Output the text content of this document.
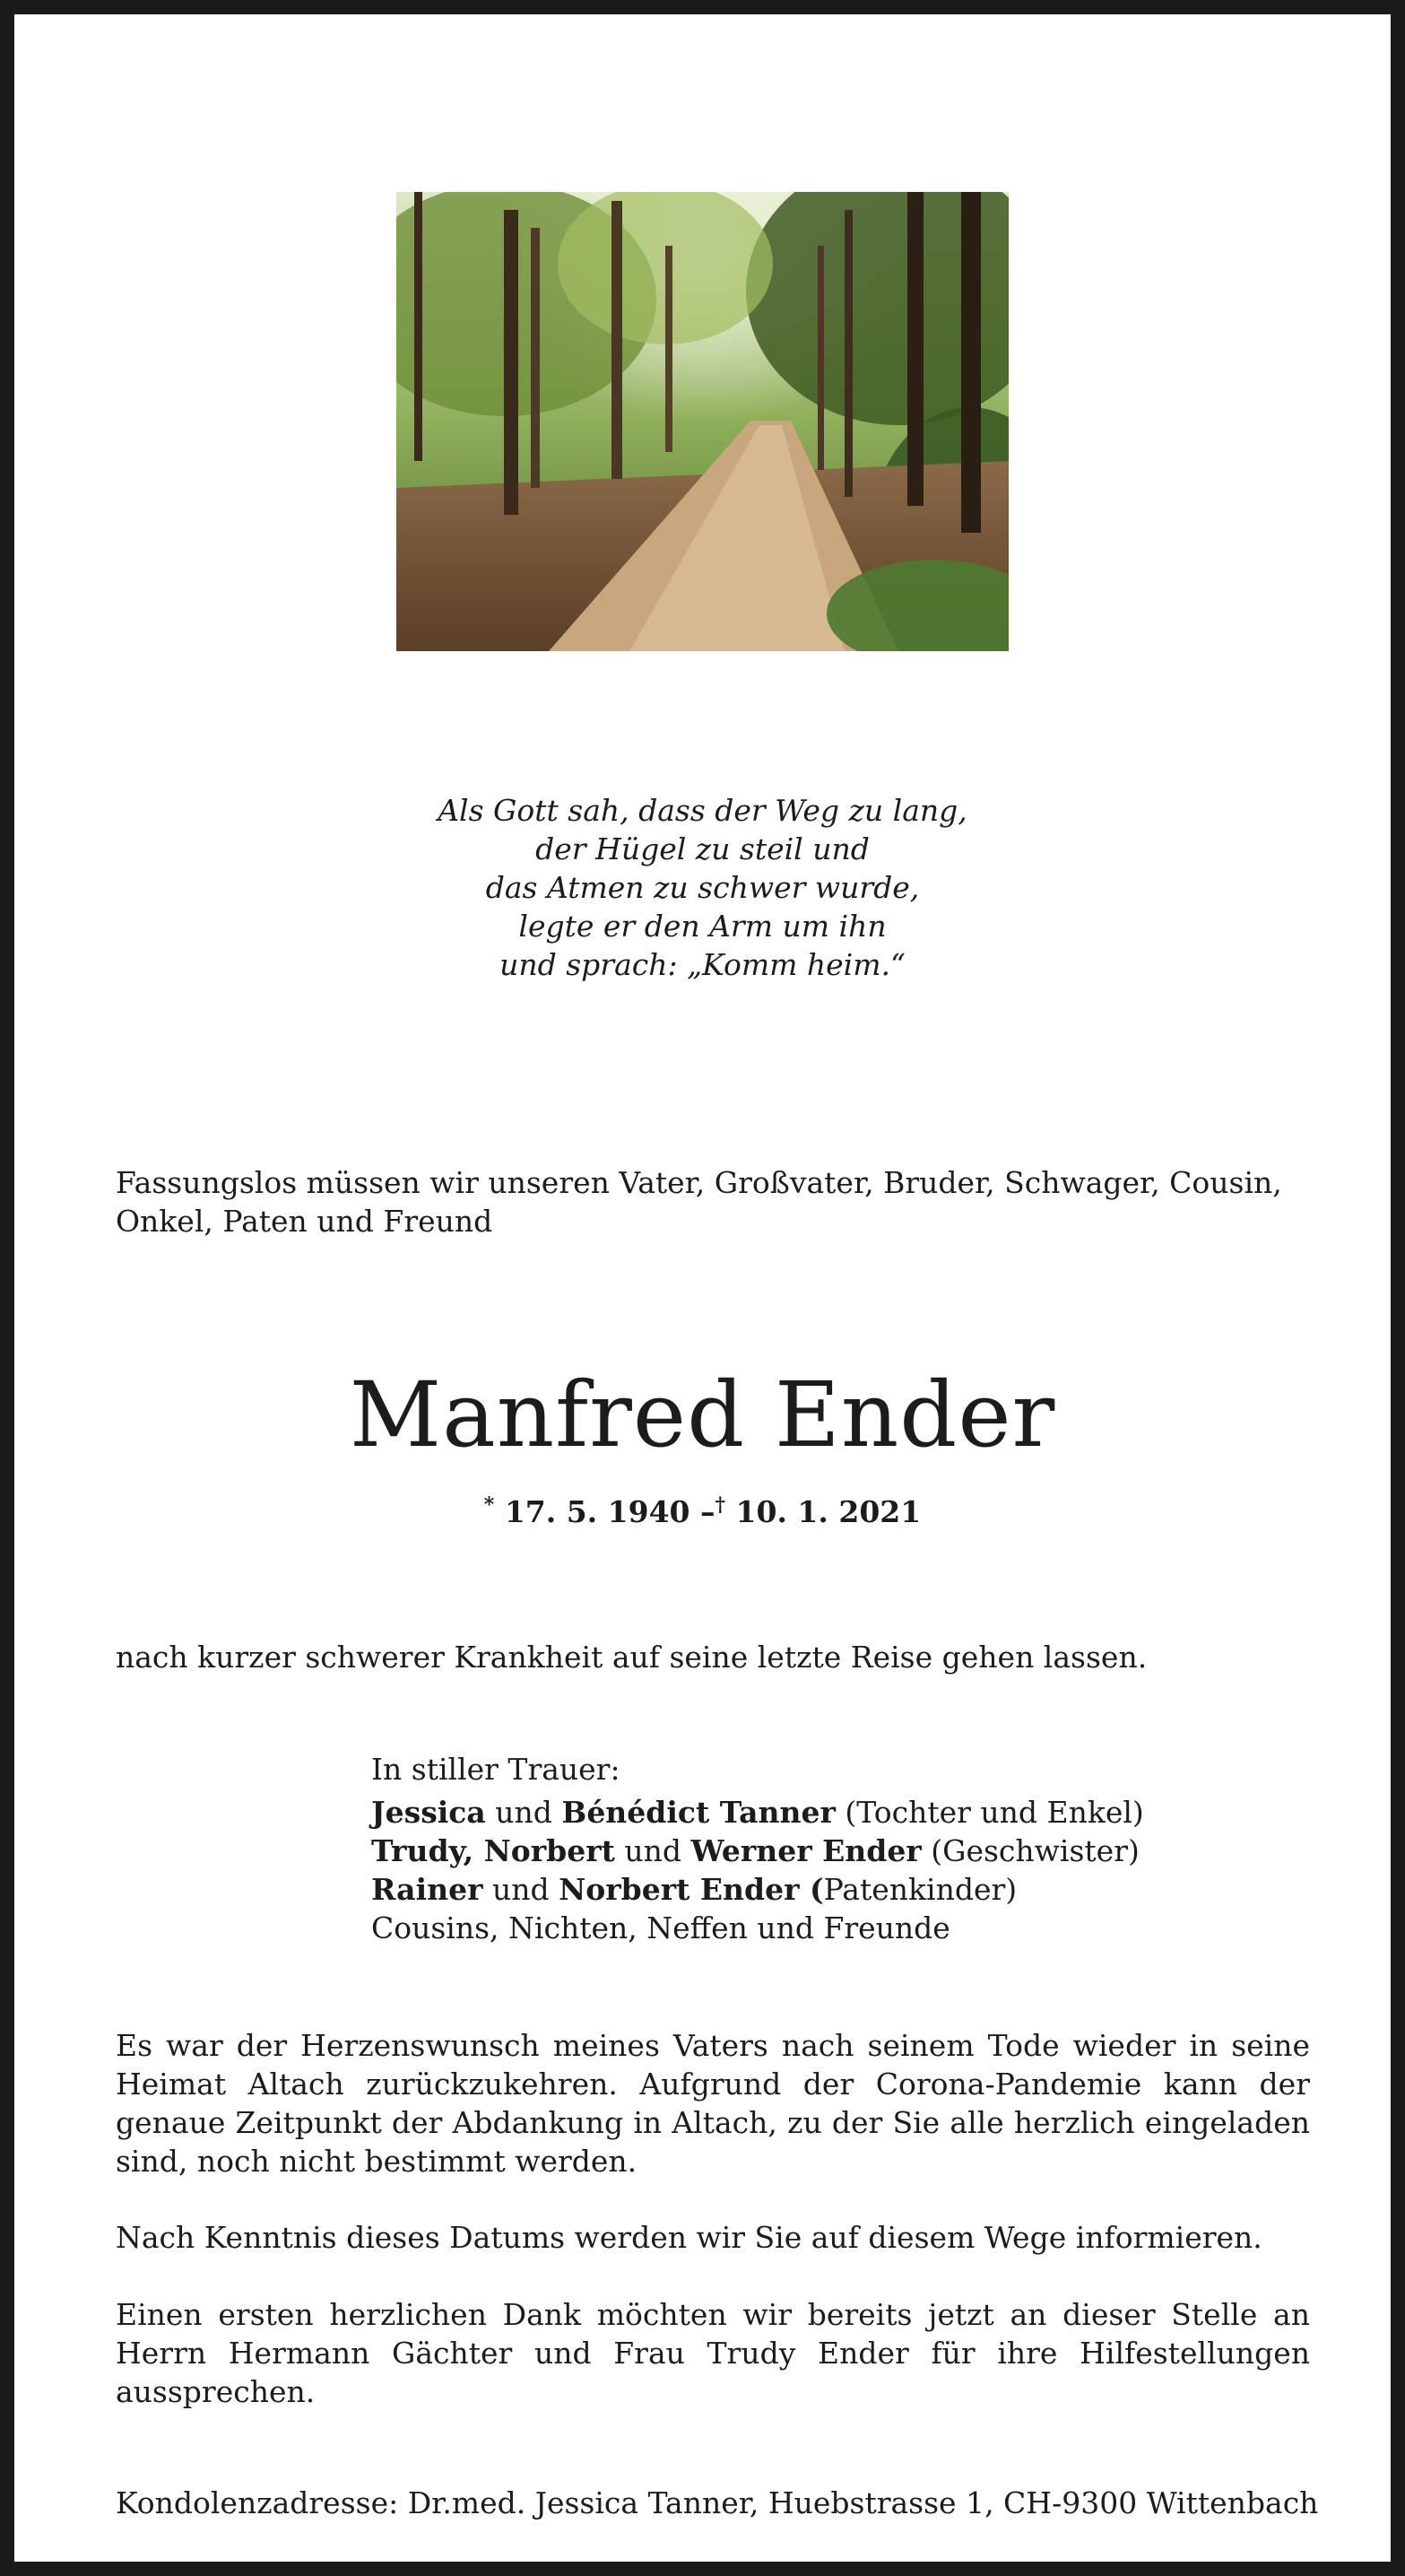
Als Gott sah, dass der Weg zu lang,
der Hügel zu steil und
das Atmen zu schwer wurde,
legte er den Arm um ihn
und sprach: „Komm heim.“
Fassungslos müssen wir unseren Vater, Großvater, Bruder, Schwager, Cousin, Onkel, Paten und Freund
Manfred Ender
* 17. 5. 1940 –† 10. 1. 2021
nach kurzer schwerer Krankheit auf seine letzte Reise gehen lassen.
In stiller Trauer:
Jessica und Bénédict Tanner (Tochter und Enkel)
Trudy, Norbert und Werner Ender (Geschwister)
Rainer und Norbert Ender (Patenkinder)
Cousins, Nichten, Neffen und Freunde
Es war der Herzenswunsch meines Vaters nach seinem Tode wieder in seine Heimat Altach zurückzukehren. Aufgrund der Corona-Pandemie kann der genaue Zeitpunkt der Abdankung in Altach, zu der Sie alle herzlich eingeladen sind, noch nicht bestimmt werden.
Nach Kenntnis dieses Datums werden wir Sie auf diesem Wege informieren.
Einen ersten herzlichen Dank möchten wir bereits jetzt an dieser Stelle an Herrn Hermann Gächter und Frau Trudy Ender für ihre Hilfestellungen aussprechen.
Kondolenzadresse: Dr.med. Jessica Tanner, Huebstrasse 1, CH-9300 Wittenbach
